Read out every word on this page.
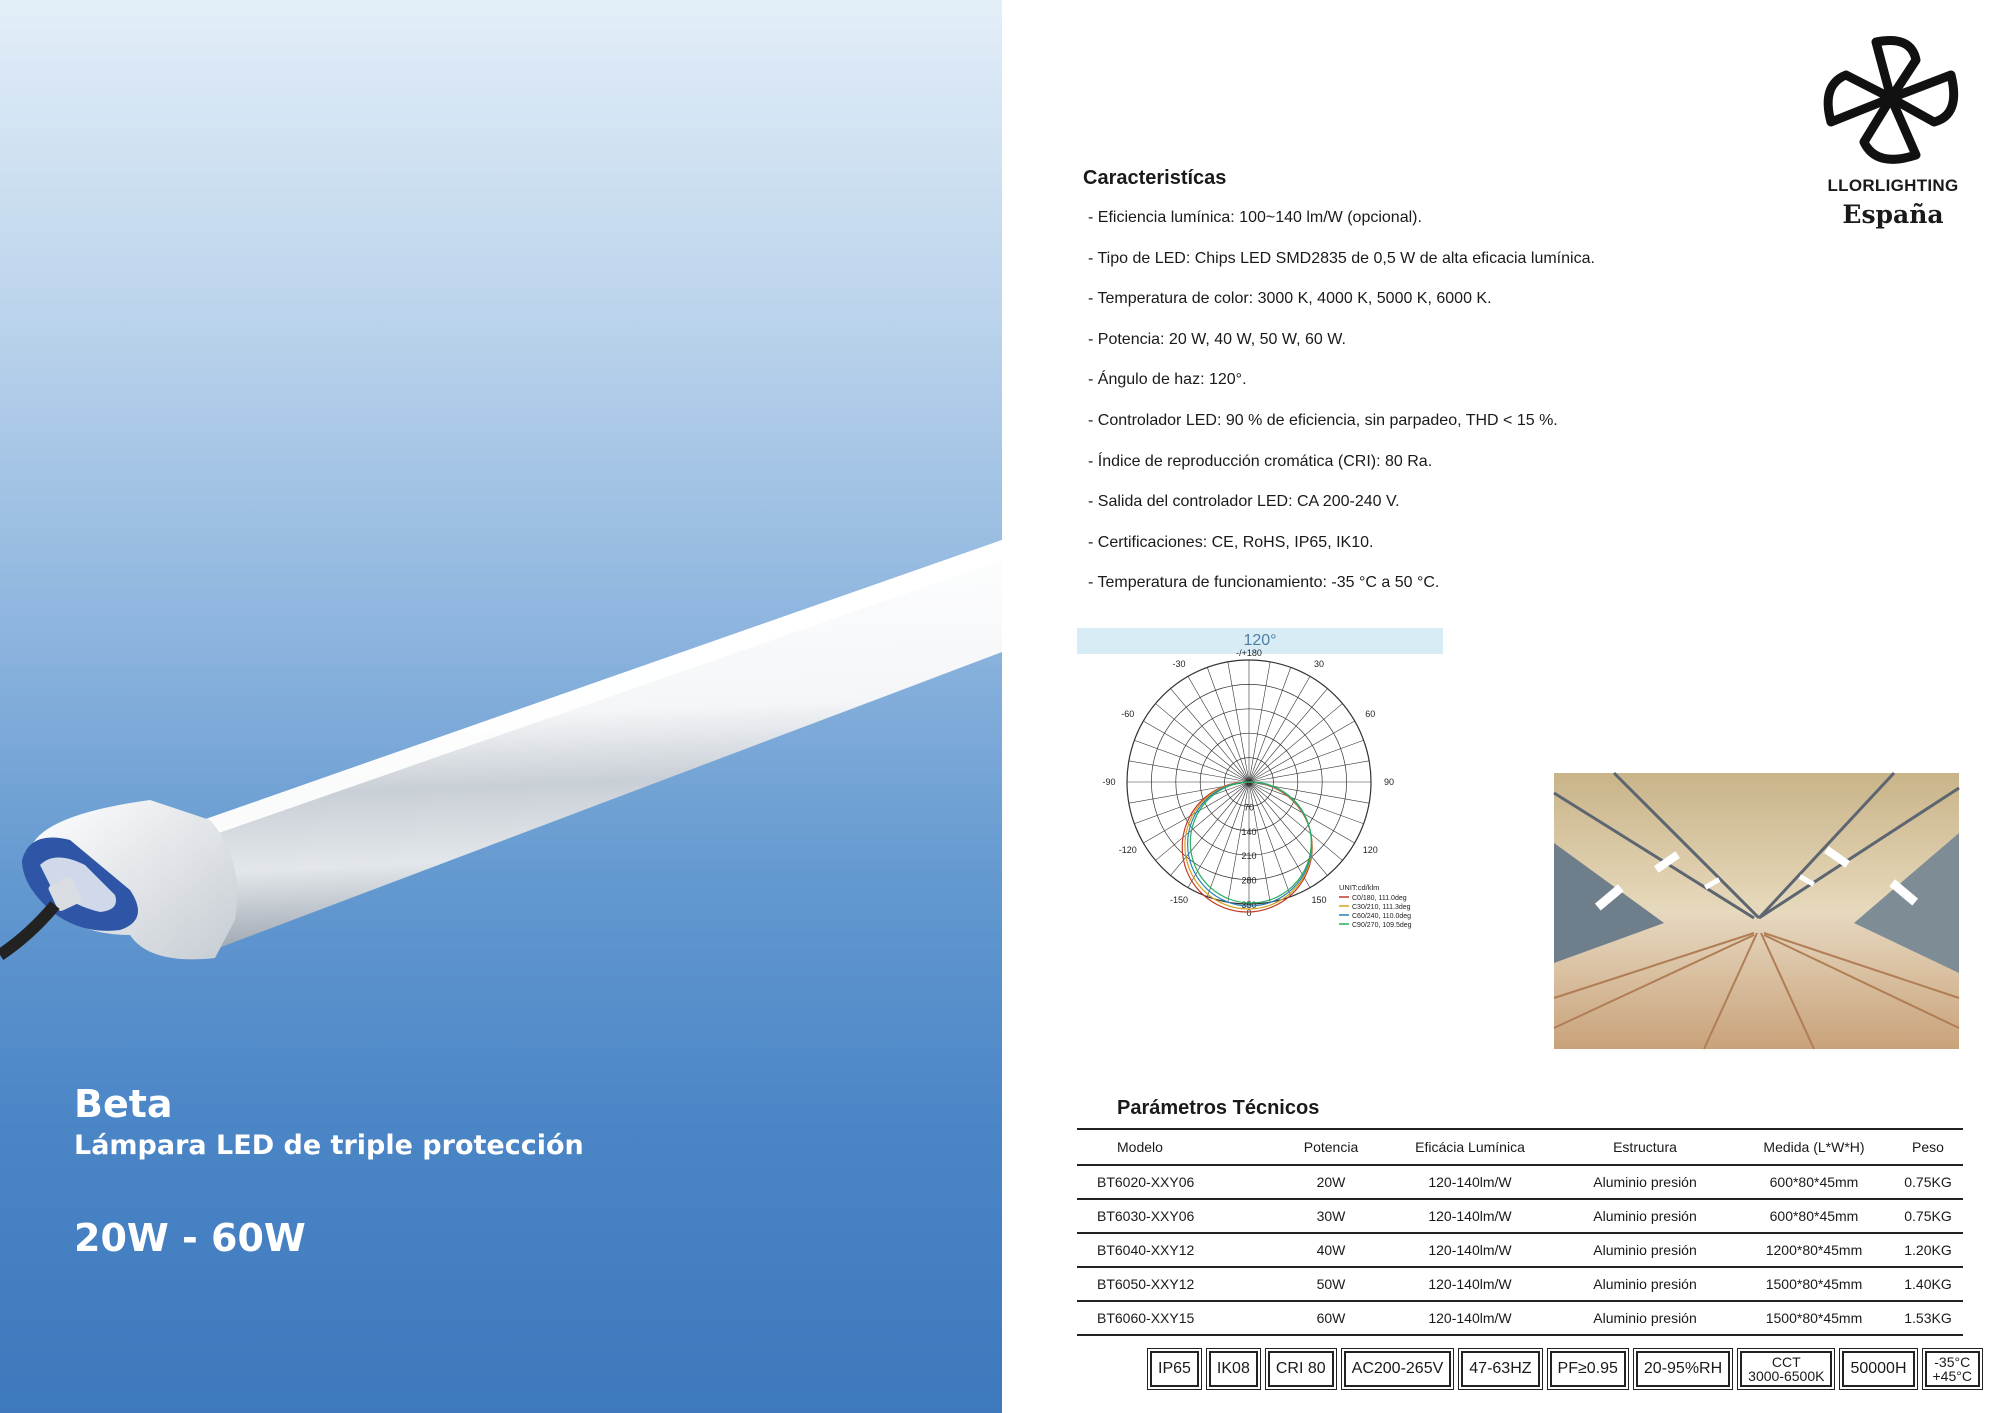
Beta
Lámpara LED de triple protección
20W - 60W
LLORLIGHTING
España
Caracteristícas
- Eficiencia lumínica: 100~140 lm/W (opcional).
- Tipo de LED: Chips LED SMD2835 de 0,5 W de alta eficacia lumínica.
- Temperatura de color: 3000 K, 4000 K, 5000 K, 6000 K.
- Potencia: 20 W, 40 W, 50 W, 60 W.
- Ángulo de haz: 120°.
- Controlador LED: 90 % de eficiencia, sin parpadeo, THD < 15 %.
- Índice de reproducción cromática (CRI): 80 Ra.
- Salida del controlador LED: CA 200-240 V.
- Certificaciones: CE, RoHS, IP65, IK10.
- Temperatura de funcionamiento: -35 °C a 50 °C.
120°
-/+180
-150	150
-120	120
-90	90
-60	60
-30	30
0
70
140
210
280
350
0
UNIT:cd/klm
C0/180, 111.0deg
C30/210, 111.3deg
C60/240, 110.0deg
C90/270, 109.5deg
Parámetros Técnicos
Modelo	Potencia	Eficácia Lumínica	Estructura	Medida (L*W*H)	Peso
BT6020-XXY06	20W	120-140lm/W	Aluminio presión	600*80*45mm	0.75KG
BT6030-XXY06	30W	120-140lm/W	Aluminio presión	600*80*45mm	0.75KG
BT6040-XXY12	40W	120-140lm/W	Aluminio presión	1200*80*45mm	1.20KG
BT6050-XXY12	50W	120-140lm/W	Aluminio presión	1500*80*45mm	1.40KG
BT6060-XXY15	60W	120-140lm/W	Aluminio presión	1500*80*45mm	1.53KG
IP65 IK08 CRI 80 AC200-265V 47-63HZ PF≥0.95 20-95%RH	CCT
3000-6500K 50000H -35°C
+45°C
